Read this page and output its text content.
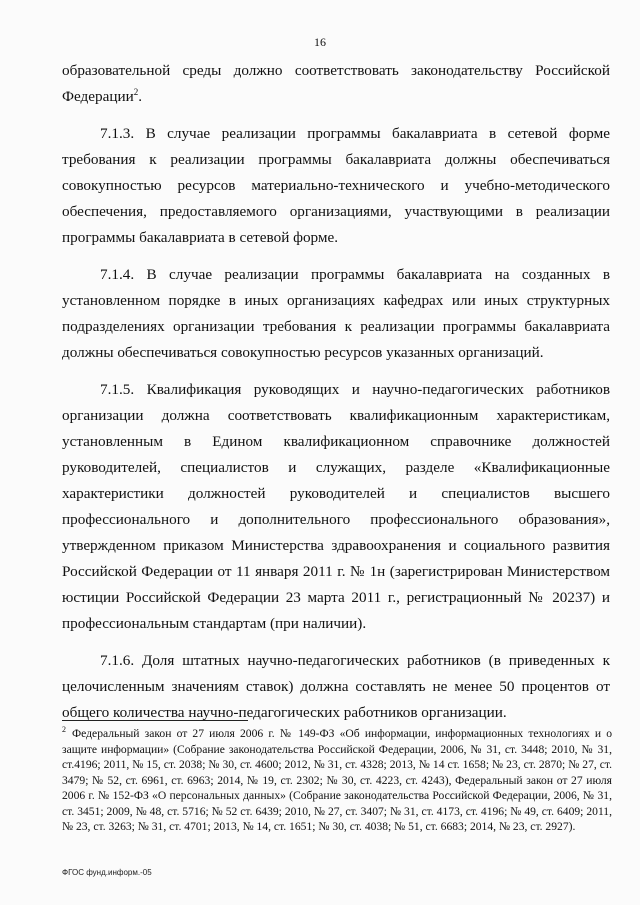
16

образовательной среды должно соответствовать законодательству Российской Федерации$^2$.

7.1.3. В случае реализации программы бакалавриата в сетевой форме требования к реализации программы бакалавриата должны обеспечиваться совокупностью ресурсов материально-технического и учебно-методического обеспечения, предоставляемого организациями, участвующими в реализации программы бакалавриата в сетевой форме.

7.1.4. В случае реализации программы бакалавриата на созданных в установленном порядке в иных организациях кафедрах или иных структурных подразделениях организации требования к реализации программы бакалавриата должны обеспечиваться совокупностью ресурсов указанных организаций.

7.1.5. Квалификация руководящих и научно-педагогических работников организации должна соответствовать квалификационным характеристикам, установленным в Едином квалификационном справочнике должностей руководителей, специалистов и служащих, разделе «Квалификационные характеристики должностей руководителей и специалистов высшего профессионального и дополнительного профессионального образования», утвержденном приказом Министерства здравоохранения и социального развития Российской Федерации от 11 января 2011 г. № 1н (зарегистрирован Министерством юстиции Российской Федерации 23 марта 2011 г., регистрационный № 20237) и профессиональным стандартам (при наличии).

7.1.6. Доля штатных научно-педагогических работников (в приведенных к целочисленным значениям ставок) должна составлять не менее 50 процентов от общего количества научно-педагогических работников организации.

$^2$ Федеральный закон от 27 июля 2006 г. № 149-ФЗ «Об информации, информационных технологиях и о защите информации» (Собрание законодательства Российской Федерации, 2006, № 31, ст. 3448; 2010, № 31, ст.4196; 2011, № 15, ст. 2038; № 30, ст. 4600; 2012, № 31, ст. 4328; 2013, № 14 ст. 1658; № 23, ст. 2870; № 27, ст. 3479; № 52, ст. 6961, ст. 6963; 2014, № 19, ст. 2302; № 30, ст. 4223, ст. 4243), Федеральный закон от 27 июля 2006 г. № 152-ФЗ «О персональных данных» (Собрание законодательства Российской Федерации, 2006, № 31, ст. 3451; 2009, № 48, ст. 5716; № 52 ст. 6439; 2010, № 27, ст. 3407; № 31, ст. 4173, ст. 4196; № 49, ст. 6409; 2011, № 23, ст. 3263; № 31, ст. 4701; 2013, № 14, ст. 1651; № 30, ст. 4038; № 51, ст. 6683; 2014, № 23, ст. 2927).

ФГОС фунд.информ.-05
